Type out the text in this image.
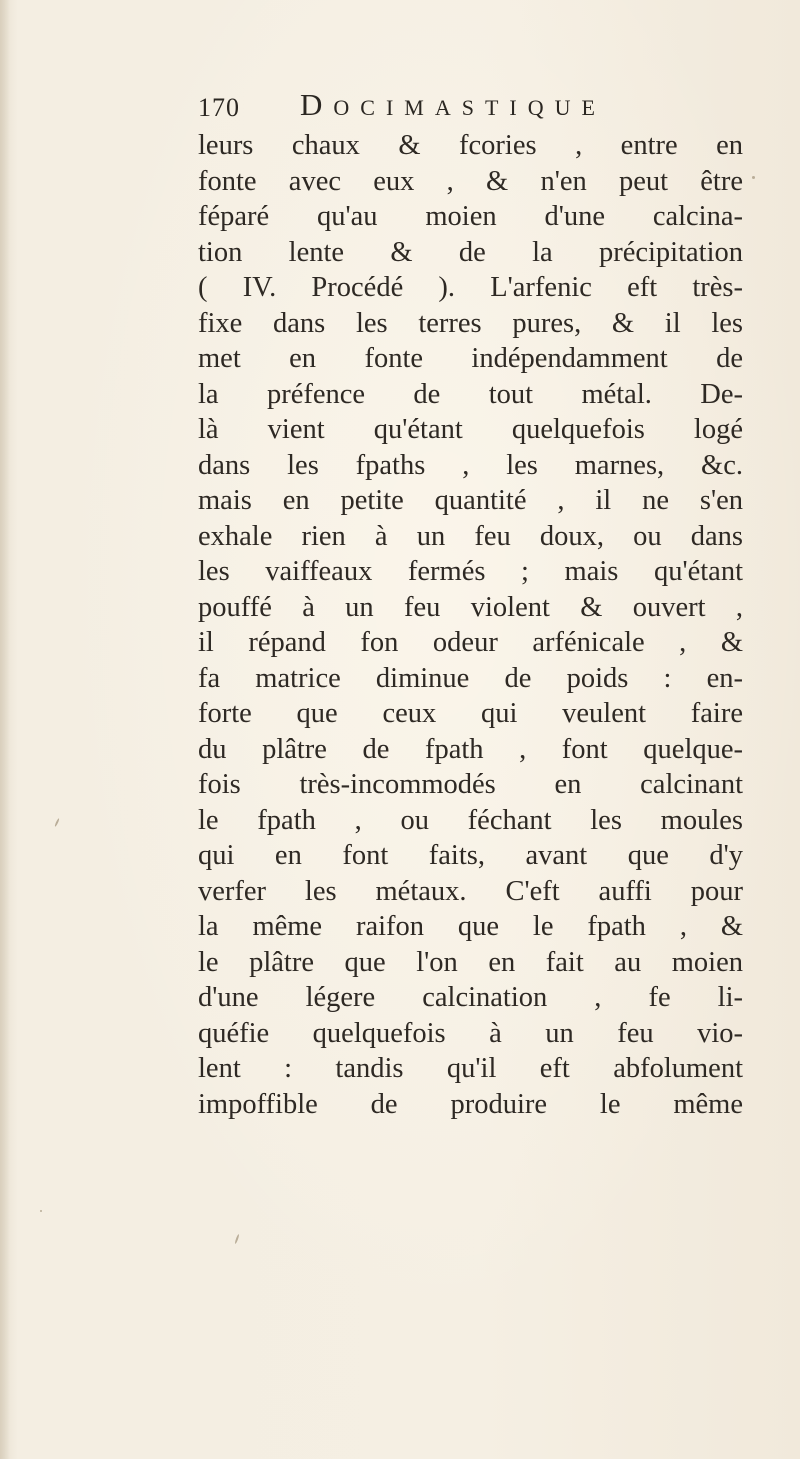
170 Docimastique
leurs chaux & fcories , entre en
fonte avec eux , & n'en peut être
féparé qu'au moien d'une calcina-
tion lente & de la précipitation
( IV. Procédé ). L'arfenic eft très-
fixe dans les terres pures, & il les
met en fonte indépendamment de
la préfence de tout métal. De-
là vient qu'étant quelquefois logé
dans les fpaths , les marnes, &c.
mais en petite quantité , il ne s'en
exhale rien à un feu doux, ou dans
les vaiffeaux fermés ; mais qu'étant
pouffé à un feu violent & ouvert ,
il répand fon odeur arfénicale , &
fa matrice diminue de poids : en-
forte que ceux qui veulent faire
du plâtre de fpath , font quelque-
fois très-incommodés en calcinant
le fpath , ou féchant les moules
qui en font faits, avant que d'y
verfer les métaux. C'eft auffi pour
la même raifon que le fpath , &
le plâtre que l'on en fait au moien
d'une légere calcination , fe li-
quéfie quelquefois à un feu vio-
lent : tandis qu'il eft abfolument
impoffible de produire le même
